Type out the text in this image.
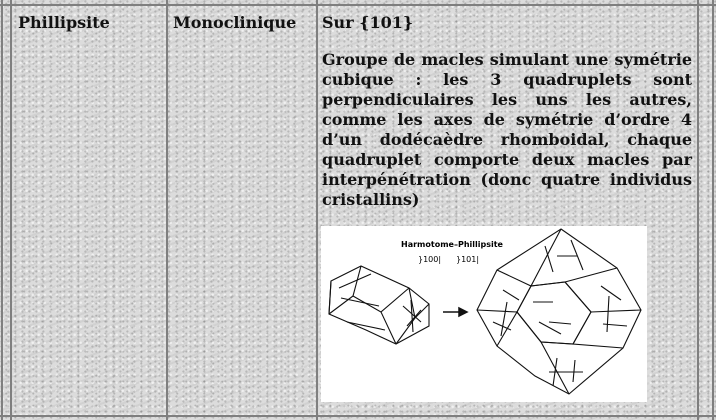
Phillipsite	Monoclinique	Sur {101}

Groupe de macles simulant une symétrie cubique : les 3 quadruplets sont perpendiculaires les uns les autres, comme les axes de symétrie d’ordre 4 d’un dodécaèdre rhomboidal, chaque quadruplet comporte deux macles par interpénétration (donc quatre individus cristallins)

Harmotome–Phillipsite
}100| }101|
